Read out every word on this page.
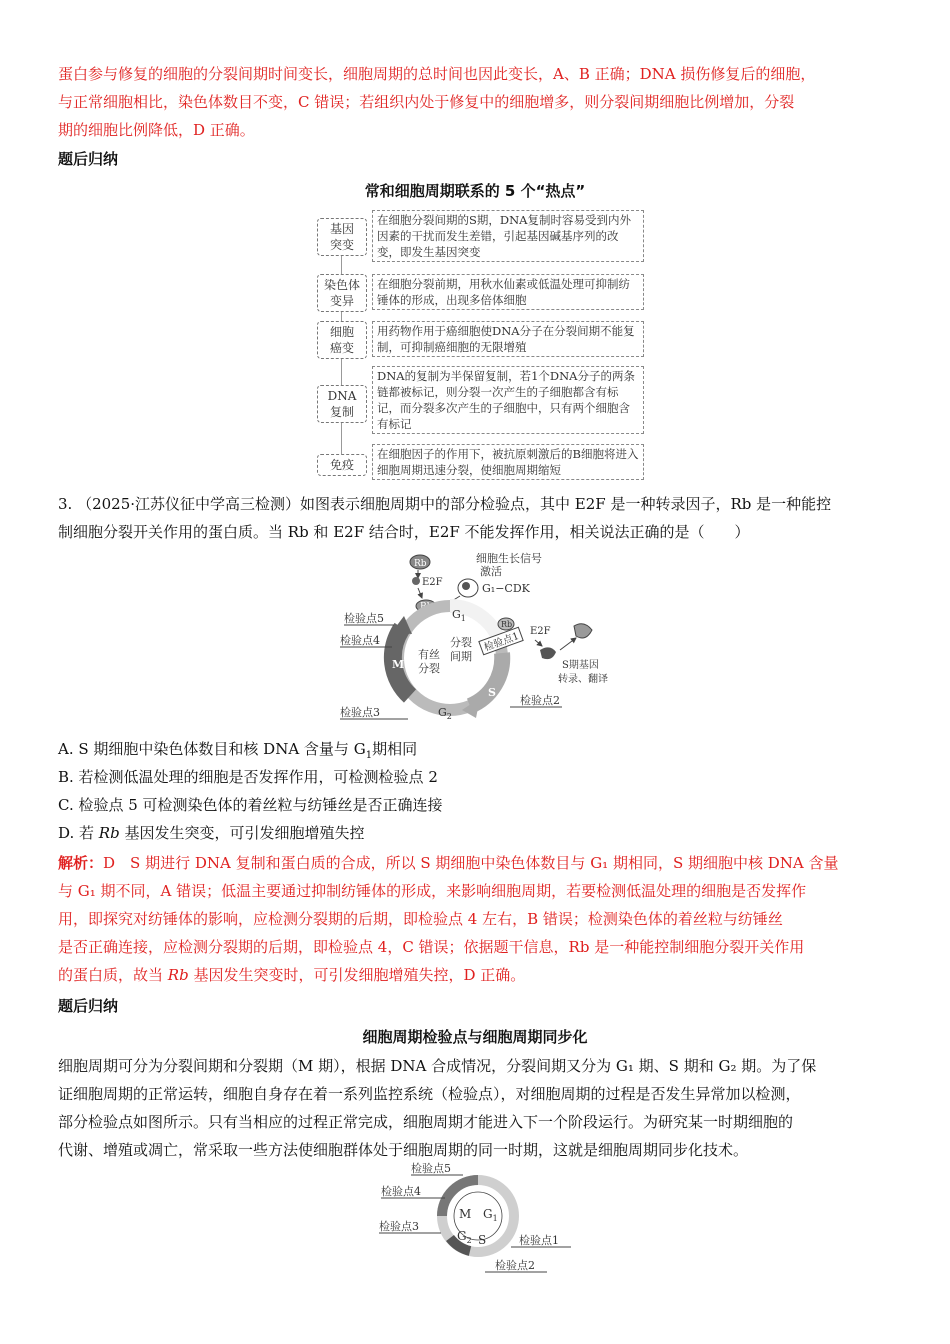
蛋白参与修复的细胞的分裂间期时间变长，细胞周期的总时间也因此变长，A、B 正确；DNA 损伤修复后的细胞，
与正常细胞相比，染色体数目不变，C 错误；若组织内处于修复中的细胞增多，则分裂间期细胞比例增加，分裂
期的细胞比例降低，D 正确。
题后归纳
常和细胞周期联系的 5 个“热点”
基因
突变
在细胞分裂间期的S期，DNA复制时容易受到内外因素的干扰而发生差错，引起基因碱基序列的改变，即发生基因突变
染色体
变异
在细胞分裂前期，用秋水仙素或低温处理可抑制纺锤体的形成，出现多倍体细胞
细胞
癌变
用药物作用于癌细胞使DNA分子在分裂间期不能复制，可抑制癌细胞的无限增殖
DNA
复制
DNA的复制为半保留复制，若1个DNA分子的两条链都被标记，则分裂一次产生的子细胞都含有标记，而分裂多次产生的子细胞中，只有两个细胞含有标记
免疫
在细胞因子的作用下，被抗原刺激后的B细胞将进入细胞周期迅速分裂，使细胞周期缩短
3. （2025·江苏仪征中学高三检测）如图表示细胞周期中的部分检验点，其中 E2F 是一种转录因子，Rb 是一种能控
制细胞分裂开关作用的蛋白质。当 Rb 和 E2F 结合时，E2F 不能发挥作用，相关说法正确的是（　　）
Rb
E2F
Rb
细胞生长信号
激活
G₁−CDK
M
S
$G_1$
$G_2$
分裂
间期
有丝
分裂
检验点1
Rb
E2F
S期基因
转录、翻译
检验点5
检验点4
检验点3
检验点2
A. S 期细胞中染色体数目和核 DNA 含量与 $G_1$期相同
B. 若检测低温处理的细胞是否发挥作用，可检测检验点 2
C. 检验点 5 可检测染色体的着丝粒与纺锤丝是否正确连接
D. 若 Rb 基因发生突变，可引发细胞增殖失控
解析：D　S 期进行 DNA 复制和蛋白质的合成，所以 S 期细胞中染色体数目与 G₁ 期相同，S 期细胞中核 DNA 含量
与 G₁ 期不同，A 错误；低温主要通过抑制纺锤体的形成，来影响细胞周期，若要检测低温处理的细胞是否发挥作
用，即探究对纺锤体的影响，应检测分裂期的后期，即检验点 4 左右，B 错误；检测染色体的着丝粒与纺锤丝
是否正确连接，应检测分裂期的后期，即检验点 4，C 错误；依据题干信息，Rb 是一种能控制细胞分裂开关作用
的蛋白质，故当 Rb 基因发生突变时，可引发细胞增殖失控，D 正确。
题后归纳
细胞周期检验点与细胞周期同步化
细胞周期可分为分裂间期和分裂期（M 期），根据 DNA 合成情况，分裂间期又分为 G₁ 期、S 期和 G₂ 期。为了保
证细胞周期的正常运转，细胞自身存在着一系列监控系统（检验点），对细胞周期的过程是否发生异常加以检测，
部分检验点如图所示。只有当相应的过程正常完成，细胞周期才能进入下一个阶段运行。为研究某一时期细胞的
代谢、增殖或凋亡，常采取一些方法使细胞群体处于细胞周期的同一时期，这就是细胞周期同步化技术。
M $G_1$
$G_2$ S
检验点5
检验点4
检验点3
检验点1
检验点2
